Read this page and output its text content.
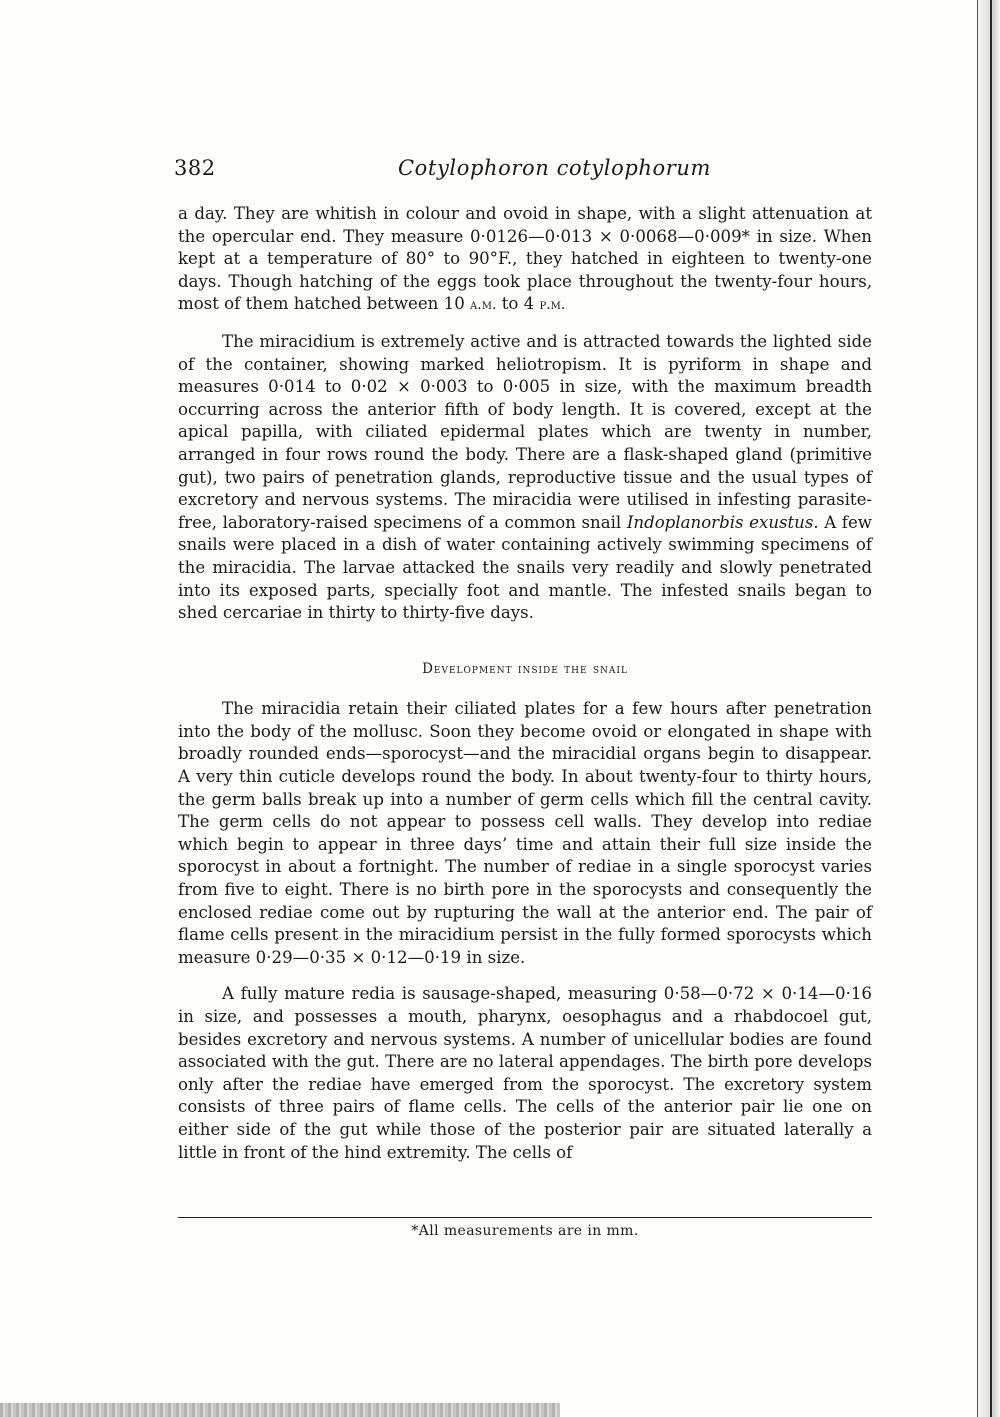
382	Cotylophoron cotylophorum

a day. They are whitish in colour and ovoid in shape, with a slight attenuation at the opercular end. They measure 0·0126—0·013 × 0·0068—0·009* in size. When kept at a temperature of 80° to 90°F., they hatched in eighteen to twenty-one days. Though hatching of the eggs took place throughout the twenty-four hours, most of them hatched between 10 a.m. to 4 p.m.

The miracidium is extremely active and is attracted towards the lighted side of the container, showing marked heliotropism. It is pyriform in shape and measures 0·014 to 0·02 × 0·003 to 0·005 in size, with the maximum breadth occurring across the anterior fifth of body length. It is covered, except at the apical papilla, with ciliated epidermal plates which are twenty in number, arranged in four rows round the body. There are a flask-shaped gland (primitive gut), two pairs of penetration glands, reproductive tissue and the usual types of excretory and nervous systems. The miracidia were utilised in infesting parasite-free, laboratory-raised specimens of a common snail Indoplanorbis exustus. A few snails were placed in a dish of water containing actively swimming specimens of the miracidia. The larvae attacked the snails very readily and slowly penetrated into its exposed parts, specially foot and mantle. The infested snails began to shed cercariae in thirty to thirty-five days.

Development inside the snail

The miracidia retain their ciliated plates for a few hours after penetration into the body of the mollusc. Soon they become ovoid or elongated in shape with broadly rounded ends—sporocyst—and the miracidial organs begin to disappear. A very thin cuticle develops round the body. In about twenty-four to thirty hours, the germ balls break up into a number of germ cells which fill the central cavity. The germ cells do not appear to possess cell walls. They develop into rediae which begin to appear in three days’ time and attain their full size inside the sporocyst in about a fortnight. The number of rediae in a single sporocyst varies from five to eight. There is no birth pore in the sporocysts and consequently the enclosed rediae come out by rupturing the wall at the anterior end. The pair of flame cells present in the miracidium persist in the fully formed sporocysts which measure 0·29—0·35 × 0·12—0·19 in size.

A fully mature redia is sausage-shaped, measuring 0·58—0·72 × 0·14—0·16 in size, and possesses a mouth, pharynx, oesophagus and a rhabdocoel gut, besides excretory and nervous systems. A number of unicellular bodies are found associated with the gut. There are no lateral appendages. The birth pore develops only after the rediae have emerged from the sporocyst. The excretory system consists of three pairs of flame cells. The cells of the anterior pair lie one on either side of the gut while those of the posterior pair are situated laterally a little in front of the hind extremity. The cells of

*All measurements are in mm.
